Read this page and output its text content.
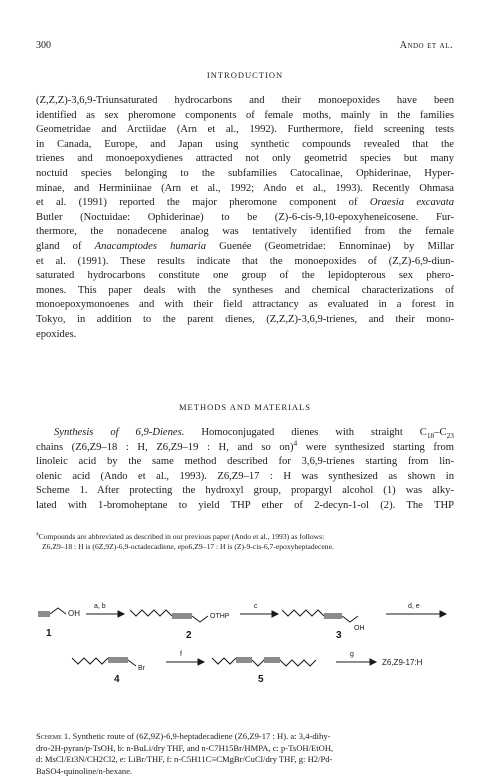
300	Ando et al.
INTRODUCTION
(Z,Z,Z)-3,6,9-Triunsaturated hydrocarbons and their monoepoxides have been
identified as sex pheromone components of female moths, mainly in the families
Geometridae and Arctiidae (Arn et al., 1992). Furthermore, field screening tests
in Canada, Europe, and Japan using synthetic compounds revealed that the
trienes and monoepoxydienes attracted not only geometrid species but many
noctuid species belonging to the subfamilies Catocalinae, Ophiderinae, Hyper-
minae, and Herminiinae (Arn et al., 1992; Ando et al., 1993). Recently Ohmasa
et al. (1991) reported the major pheromone component of Oraesia excavata
Butler (Noctuidae: Ophiderinae) to be (Z)-6-cis-9,10-epoxyheneicosene. Fur-
thermore, the nonadecene analog was tentatively identified from the female
gland of Anacamptodes humaria Guenée (Geometridae: Ennominae) by Millar
et al. (1991). These results indicate that the monoepoxides of (Z,Z)-6,9-diun-
saturated hydrocarbons constitute one group of the lepidopterous sex phero-
mones. This paper deals with the syntheses and chemical characterizations of
monoepoxymonoenes and with their field attractancy as evaluated in a forest in
Tokyo, in addition to the parent dienes, (Z,Z,Z)-3,6,9-trienes, and their mono-
epoxides.
METHODS AND MATERIALS
Synthesis of 6,9-Dienes. Homoconjugated dienes with straight $C_{18}-C_{23}$
chains (Z6,Z9–18 : H, Z6,Z9–19 : H, and so on)$^4$ were synthesized starting from
linoleic acid by the same method described for 3,6,9-trienes starting from lin-
olenic acid (Ando et al., 1993). Z6,Z9–17 : H was synthesized as shown in
Scheme 1. After protecting the hydroxyl group, propargyl alcohol (1) was alky-
lated with 1-bromoheptane to yield THP ether of 2-decyn-1-ol (2). The THP
$^4$Compounds are abbreviated as described in our previous paper (Ando et al., 1993) as follows:
Z6,Z9–18 : H is (6Z,9Z)-6,9-octadecadiene, epo6,Z9–17 : H is (Z)-9-cis-6,7-epoxyheptadecene.
OH
1
a, b
OTHP
2
c
OH
3
d, e
Br
4
f
5
g
Z6,Z9-17:H
Scheme 1. Synthetic route of (6Z,9Z)-6,9-heptadecadiene (Z6,Z9-17 : H). a: 3,4-dihy-
dro-2H-pyran/p-TsOH, b: n-BuLi/dry THF, and n-C7H15Br/HMPA, c: p-TsOH/EtOH,
d: MsCl/Et3N/CH2Cl2, e: LiBr/THF, f: n-C5H11C≡CMgBr/CuCl/dry THF, g: H2/Pd-
BaSO4-quinoline/n-hexane.
